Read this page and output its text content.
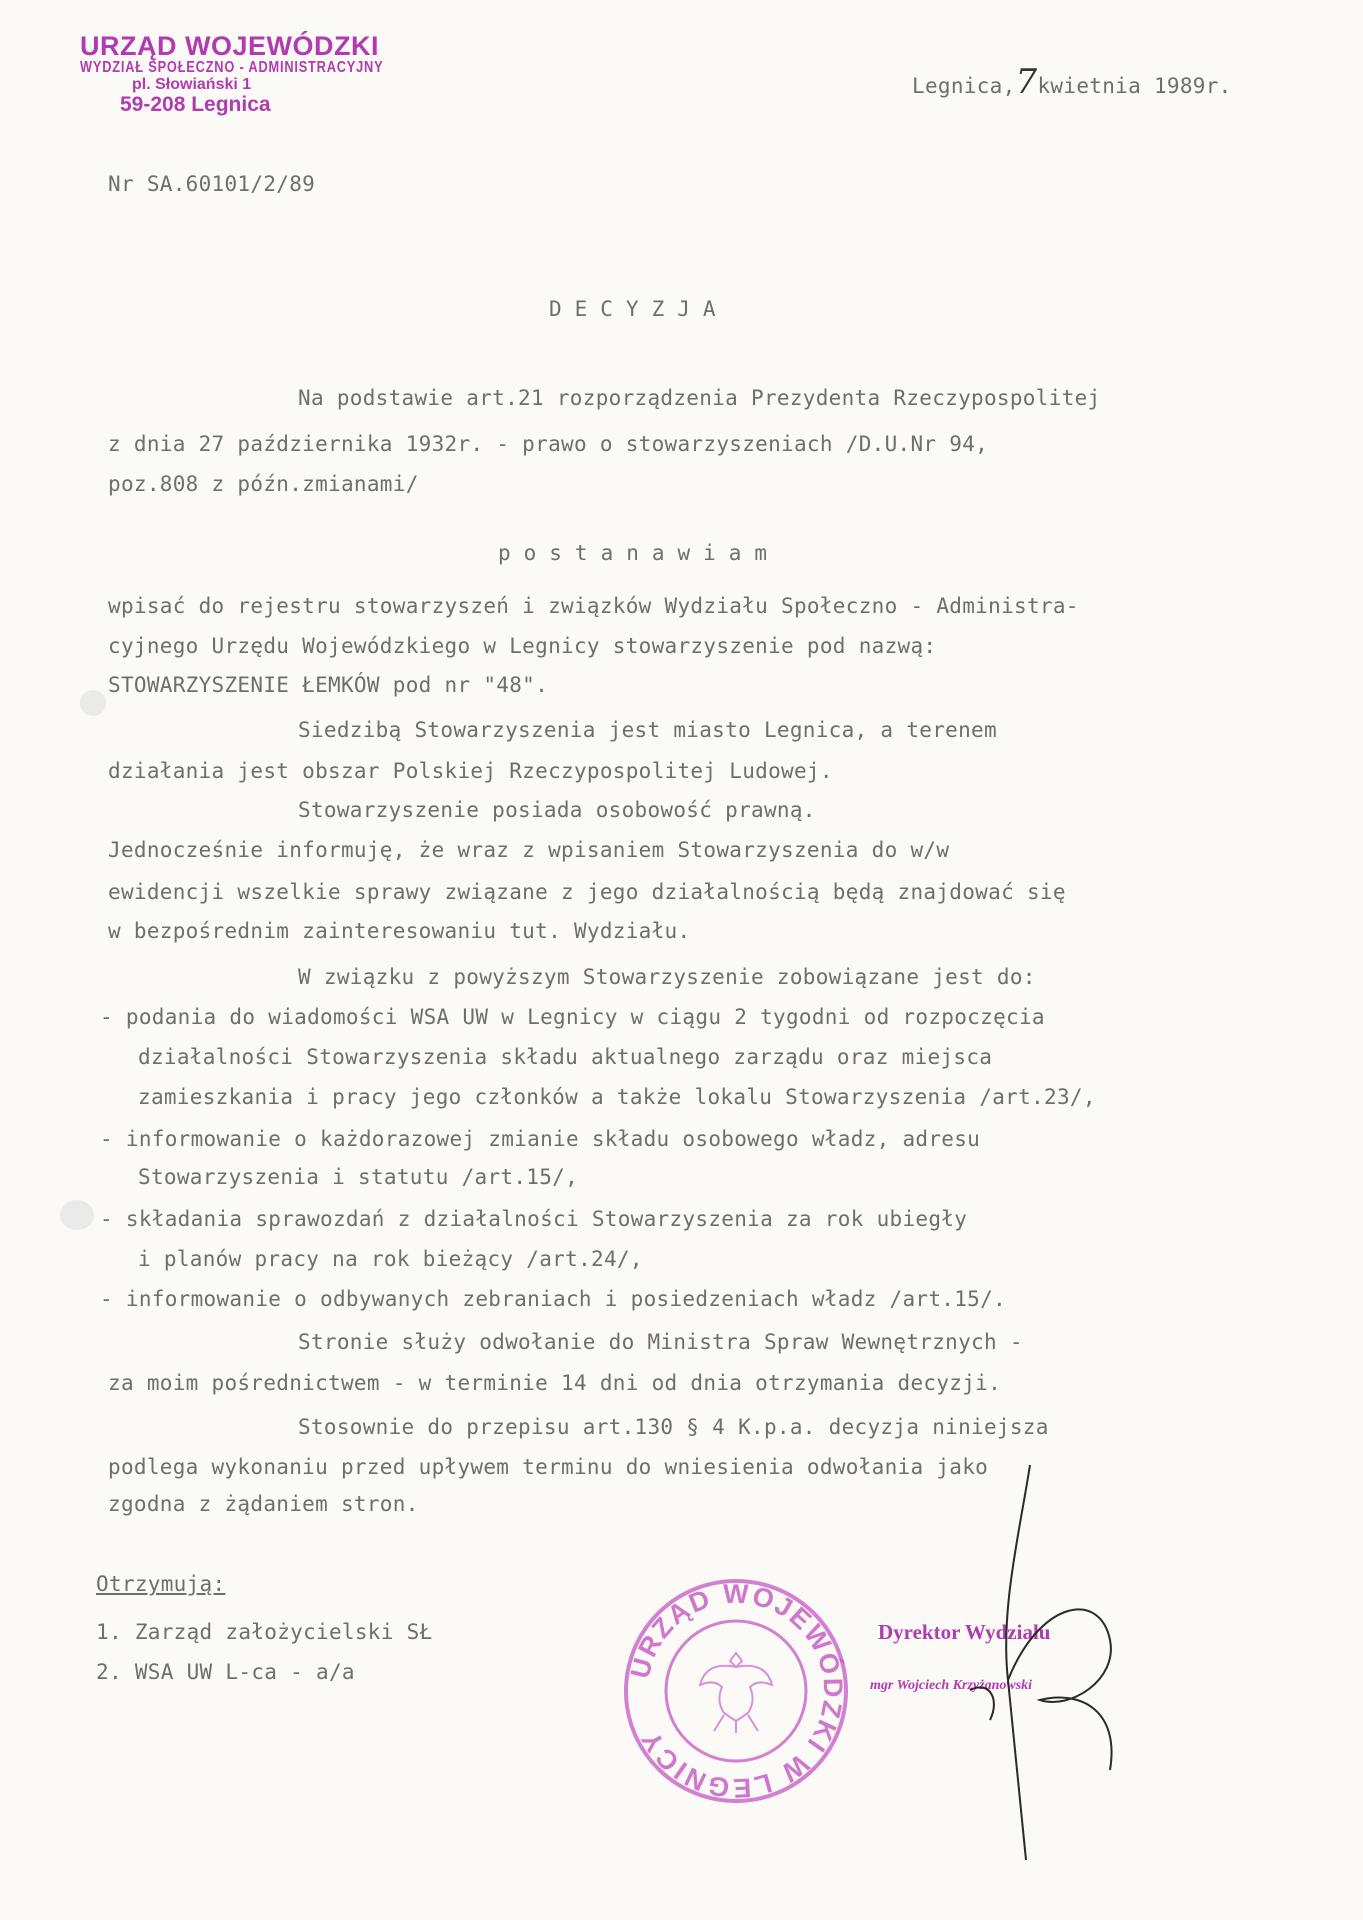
URZĄD WOJEWÓDZKI
WYDZIAŁ SPOŁECZNO - ADMINISTRACYJNY
pl. Słowiański 1
59-208 Legnica
Legnica,7kwietnia 1989r.
Nr SA.60101/2/89
DECYZJA
Na podstawie art.21 rozporządzenia Prezydenta Rzeczypospolitej
z dnia 27 października 1932r. - prawo o stowarzyszeniach /D.U.Nr 94,
poz.808 z późn.zmianami/
postanawiam
wpisać do rejestru stowarzyszeń i związków Wydziału Społeczno - Administra-
cyjnego Urzędu Wojewódzkiego w Legnicy stowarzyszenie pod nazwą:
STOWARZYSZENIE ŁEMKÓW pod nr "48".
Siedzibą Stowarzyszenia jest miasto Legnica, a terenem
działania jest obszar Polskiej Rzeczypospolitej Ludowej.
Stowarzyszenie posiada osobowość prawną.
Jednocześnie informuję, że wraz z wpisaniem Stowarzyszenia do w/w
ewidencji wszelkie sprawy związane z jego działalnością będą znajdować się
w bezpośrednim zainteresowaniu tut. Wydziału.
W związku z powyższym Stowarzyszenie zobowiązane jest do:
- podania do wiadomości WSA UW w Legnicy w ciągu 2 tygodni od rozpoczęcia
działalności Stowarzyszenia składu aktualnego zarządu oraz miejsca
zamieszkania i pracy jego członków a także lokalu Stowarzyszenia /art.23/,
- informowanie o każdorazowej zmianie składu osobowego władz, adresu
Stowarzyszenia i statutu /art.15/,
- składania sprawozdań z działalności Stowarzyszenia za rok ubiegły
i planów pracy na rok bieżący /art.24/,
- informowanie o odbywanych zebraniach i posiedzeniach władz /art.15/.
Stronie służy odwołanie do Ministra Spraw Wewnętrznych -
za moim pośrednictwem - w terminie 14 dni od dnia otrzymania decyzji.
Stosownie do przepisu art.130 § 4 K.p.a. decyzja niniejsza
podlega wykonaniu przed upływem terminu do wniesienia odwołania jako
zgodna z żądaniem stron.
Otrzymują:
1. Zarząd założycielski SŁ
2. WSA UW L-ca - a/a	URZĄD WOJEWÓDZKI W LEGNICY
Dyrektor Wydziału
mgr Wojciech Krzyżanowski
